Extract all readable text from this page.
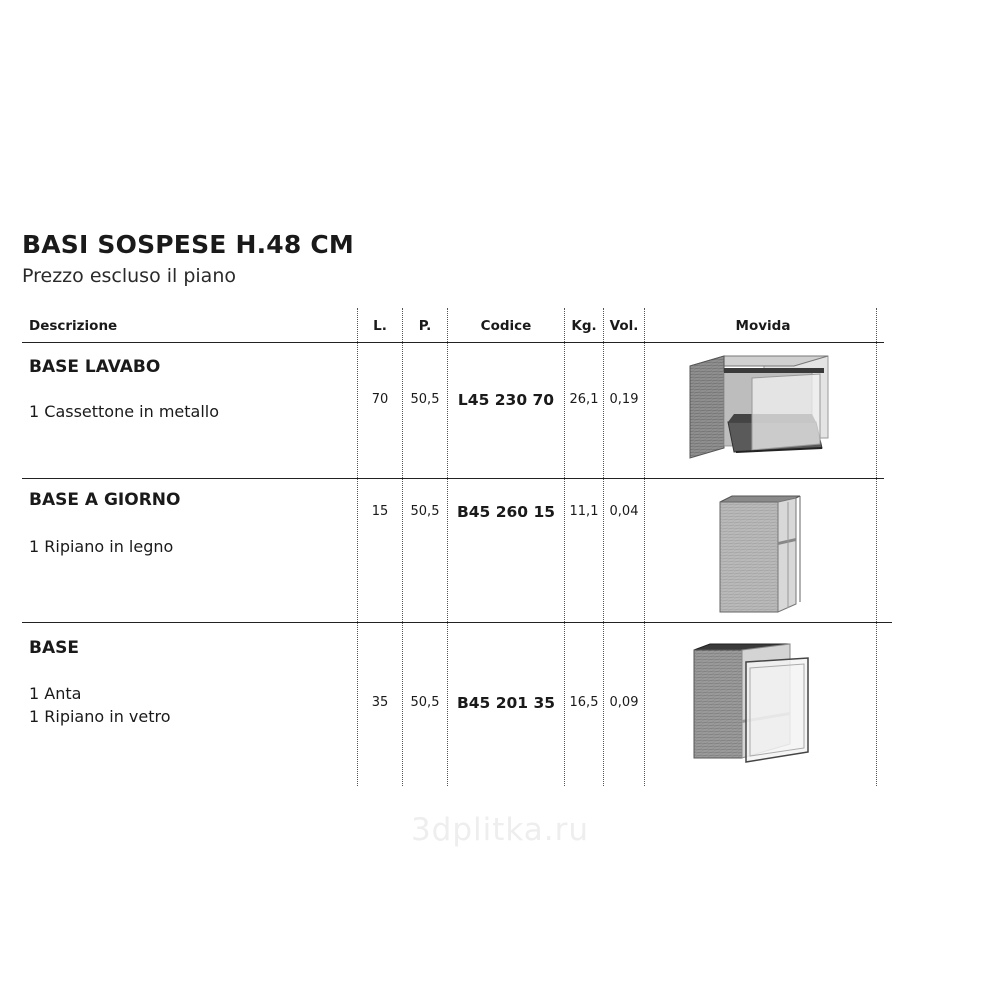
BASI SOSPESE H.48 CM
Prezzo escluso il piano
Descrizione	L.	P.	Codice	Kg. Vol.	Movida
BASE LAVABO
1 Cassettone in metallo
70	50,5	L45 230 70	26,1 0,19
BASE A GIORNO
1 Ripiano in legno
15	50,5	B45 260 15	11,1 0,04
BASE
1 Anta
1 Ripiano in vetro
35	50,5	B45 201 35	16,5 0,09
3dplitka.ru
